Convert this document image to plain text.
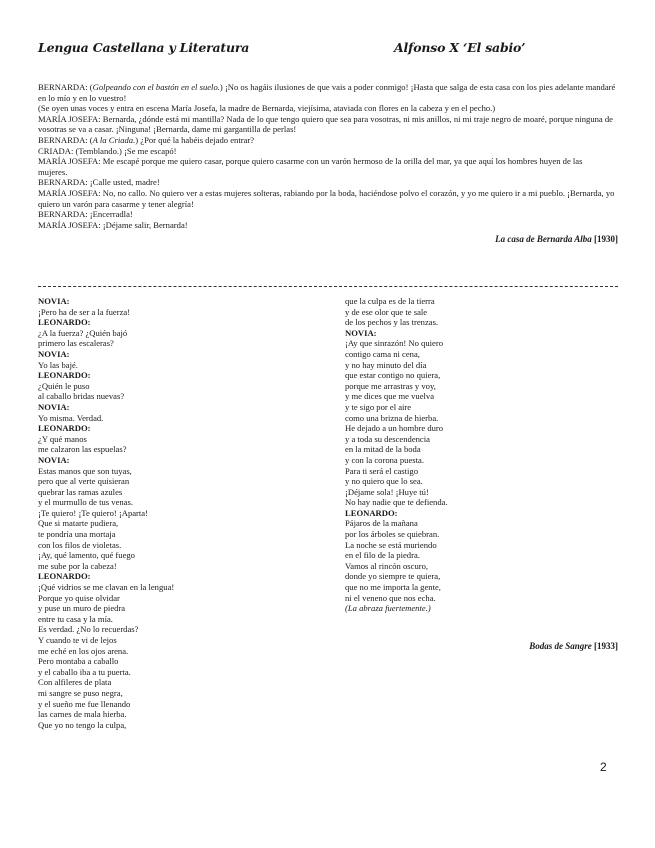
Lengua Castellana y Literatura	Alfonso X ‘El sabio’

BERNARDA: (Golpeando con el bastón en el suelo.) ¡No os hagáis ilusiones de que vais a poder conmigo! ¡Hasta que salga de esta casa con los pies adelante mandaré en lo mío y en lo vuestro!

(Se oyen unas voces y entra en escena María Josefa, la madre de Bernarda, viejísima, ataviada con flores en la cabeza y en el pecho.)

MARÍA JOSEFA: Bernarda, ¿dónde está mi mantilla? Nada de lo que tengo quiero que sea para vosotras, ni mis anillos, ni mi traje negro de moaré, porque ninguna de vosotras se va a casar. ¡Ninguna! ¡Bernarda, dame mi gargantilla de perlas!

BERNARDA: (A la Criada.) ¿Por qué la habéis dejado entrar?

CRIADA: (Temblando.) ¡Se me escapó!

MARÍA JOSEFA: Me escapé porque me quiero casar, porque quiero casarme con un varón hermoso de la orilla del mar, ya que aquí los hombres huyen de las

mujeres.

BERNARDA: ¡Calle usted, madre!

MARÍA JOSEFA: No, no callo. No quiero ver a estas mujeres solteras, rabiando por la boda, haciéndose polvo el corazón, y yo me quiero ir a mi pueblo. ¡Bernarda, yo quiero un varón para casarme y tener alegría!

BERNARDA: ¡Encerradla!

MARÍA JOSEFA: ¡Déjame salir, Bernarda!

La casa de Bernarda Alba [1930]
NOVIA:
¡Pero ha de ser a la fuerza!
LEONARDO:
¿A la fuerza? ¿Quién bajó
primero las escaleras?
NOVIA:
Yo las bajé.
LEONARDO:
¿Quién le puso
al caballo bridas nuevas?
NOVIA:
Yo misma. Verdad.
LEONARDO:
¿Y qué manos
me calzaron las espuelas?
NOVIA:
Estas manos que son tuyas,
pero que al verte quisieran
quebrar las ramas azules
y el murmullo de tus venas.
¡Te quiero! ¡Te quiero! ¡Aparta!
Que si matarte pudiera,
te pondría una mortaja
con los filos de violetas.
¡Ay, qué lamento, qué fuego
me sube por la cabeza!
LEONARDO:
¡Qué vidrios se me clavan en la lengua!
Porque yo quise olvidar
y puse un muro de piedra
entre tu casa y la mía.
Es verdad. ¿No lo recuerdas?
Y cuando te vi de lejos
me eché en los ojos arena.
Pero montaba a caballo
y el caballo iba a tu puerta.
Con alfileres de plata
mi sangre se puso negra,
y el sueño me fue llenando
las carnes de mala hierba.
Que yo no tengo la culpa,
que la culpa es de la tierra
y de ese olor que te sale
de los pechos y las trenzas.
NOVIA:
¡Ay que sinrazón! No quiero
contigo cama ni cena,
y no hay minuto del día
que estar contigo no quiera,
porque me arrastras y voy,
y me dices que me vuelva
y te sigo por el aire
como una brizna de hierba.
He dejado a un hombre duro
y a toda su descendencia
en la mitad de la boda
y con la corona puesta.
Para ti será el castigo
y no quiero que lo sea.
¡Déjame sola! ¡Huye tú!
No hay nadie que te defienda.
LEONARDO:
Pájaros de la mañana
por los árboles se quiebran.
La noche se está muriendo
en el filo de la piedra.
Vamos al rincón oscuro,
donde yo siempre te quiera,
que no me importa la gente,
ni el veneno que nos echa.
(La abraza fuertemente.)
Bodas de Sangre [1933]
2
